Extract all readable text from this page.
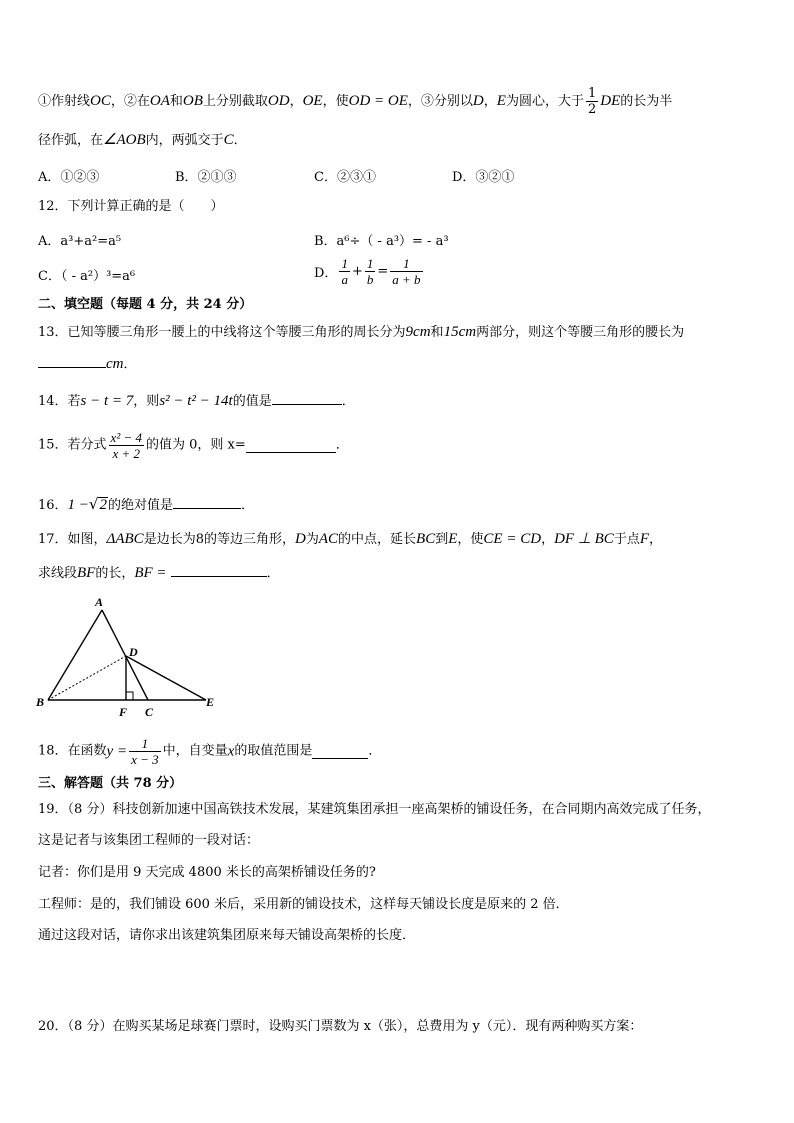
①作射线OC，②在OA和OB上分别截取OD，OE，使OD = OE，③分别以D，E为圆心，大于 $\frac{1}{2}$ DE的长为半
径作弧，在∠AOB内，两弧交于C．
A．①②③	B．②①③	C．②③①	D．③②①
12．下列计算正确的是（　　）
A．a³+a²=a⁵	B．a⁶÷（ - a³）= - a³
C．（ - a²）³=a⁶	D． $\frac{1}{a} + \frac{1}{b} = \frac{1}{a + b}$
二、填空题（每题 4 分，共 24 分）
13．已知等腰三角形一腰上的中线将这个等腰三角形的周长分为9cm和15cm两部分，则这个等腰三角形的腰长为
cm．
14．若s − t = 7，则s² − t² − 14t的值是	．
15．若分式 $\frac{\text{x² − 4}}{x + 2}$ 的值为 0，则 x=	．
16．1 −√2的绝对值是	．
17．如图，ΔABC是边长为8的等边三角形，D为AC的中点，延长BC到E，使CE = CD，DF ⊥ BC于点F，
求线段BF的长，BF =	．
A
B
C
D
E
F
18．在函数$y = \frac{1}{x - 3}$ 中，自变量x的取值范围是	．
三、解答题（共 78 分）
19．（8 分）科技创新加速中国高铁技术发展，某建筑集团承担一座高架桥的铺设任务，在合同期内高效完成了任务，
这是记者与该集团工程师的一段对话：
记者：你们是用 9 天完成 4800 米长的高架桥铺设任务的?
工程师：是的，我们铺设 600 米后，采用新的铺设技术，这样每天铺设长度是原来的 2 倍．
通过这段对话，请你求出该建筑集团原来每天铺设高架桥的长度．
20．（8 分）在购买某场足球赛门票时，设购买门票数为 x（张），总费用为 y（元）．现有两种购买方案：
